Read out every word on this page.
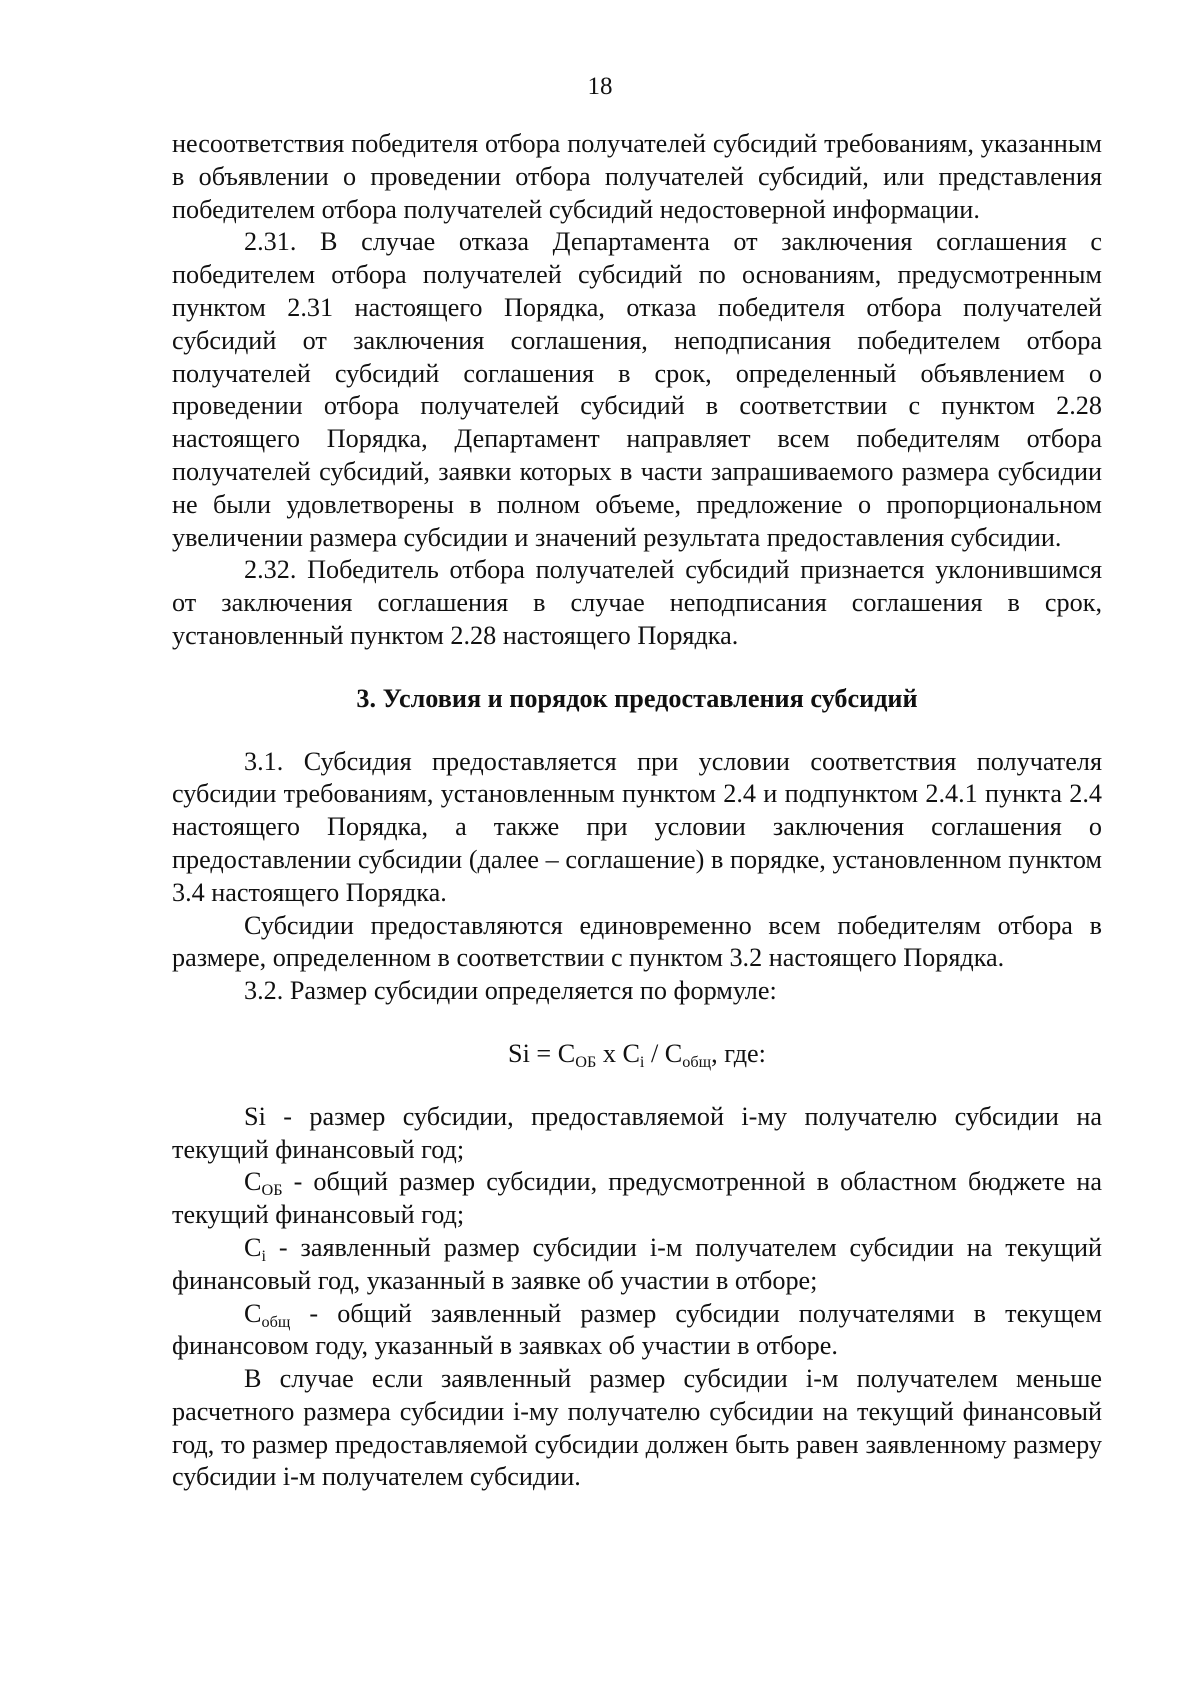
18

несоответствия победителя отбора получателей субсидий требованиям, указанным в объявлении о проведении отбора получателей субсидий, или представления победителем отбора получателей субсидий недостоверной информации.

2.31. В случае отказа Департамента от заключения соглашения с победителем отбора получателей субсидий по основаниям, предусмотренным пунктом 2.31 настоящего Порядка, отказа победителя отбора получателей субсидий от заключения соглашения, неподписания победителем отбора получателей субсидий соглашения в срок, определенный объявлением о проведении отбора получателей субсидий в соответствии с пунктом 2.28 настоящего Порядка, Департамент направляет всем победителям отбора получателей субсидий, заявки которых в части запрашиваемого размера субсидии не были удовлетворены в полном объеме, предложение о пропорциональном увеличении размера субсидии и значений результата предоставления субсидии.

2.32. Победитель отбора получателей субсидий признается уклонившимся от заключения соглашения в случае неподписания соглашения в срок, установленный пунктом 2.28 настоящего Порядка.

3. Условия и порядок предоставления субсидий

3.1. Субсидия предоставляется при условии соответствия получателя субсидии требованиям, установленным пунктом 2.4 и подпунктом 2.4.1 пункта 2.4 настоящего Порядка, а также при условии заключения соглашения о предоставлении субсидии (далее – соглашение) в порядке, установленном пунктом 3.4 настоящего Порядка.

Субсидии предоставляются единовременно всем победителям отбора в размере, определенном в соответствии с пунктом 3.2 настоящего Порядка.

3.2. Размер субсидии определяется по формуле:

$Si = С_{ОБ}$ х $С_i / С_{общ}$, где:

Si - размер субсидии, предоставляемой i-му получателю субсидии на текущий финансовый год;

$С_{ОБ}$ - общий размер субсидии, предусмотренной в областном бюджете на текущий финансовый год;

$С_i$ - заявленный размер субсидии i-м получателем субсидии на текущий финансовый год, указанный в заявке об участии в отборе;

$С_{общ}$ - общий заявленный размер субсидии получателями в текущем финансовом году, указанный в заявках об участии в отборе.

В случае если заявленный размер субсидии i-м получателем меньше расчетного размера субсидии i-му получателю субсидии на текущий финансовый год, то размер предоставляемой субсидии должен быть равен заявленному размеру субсидии i-м получателем субсидии.
